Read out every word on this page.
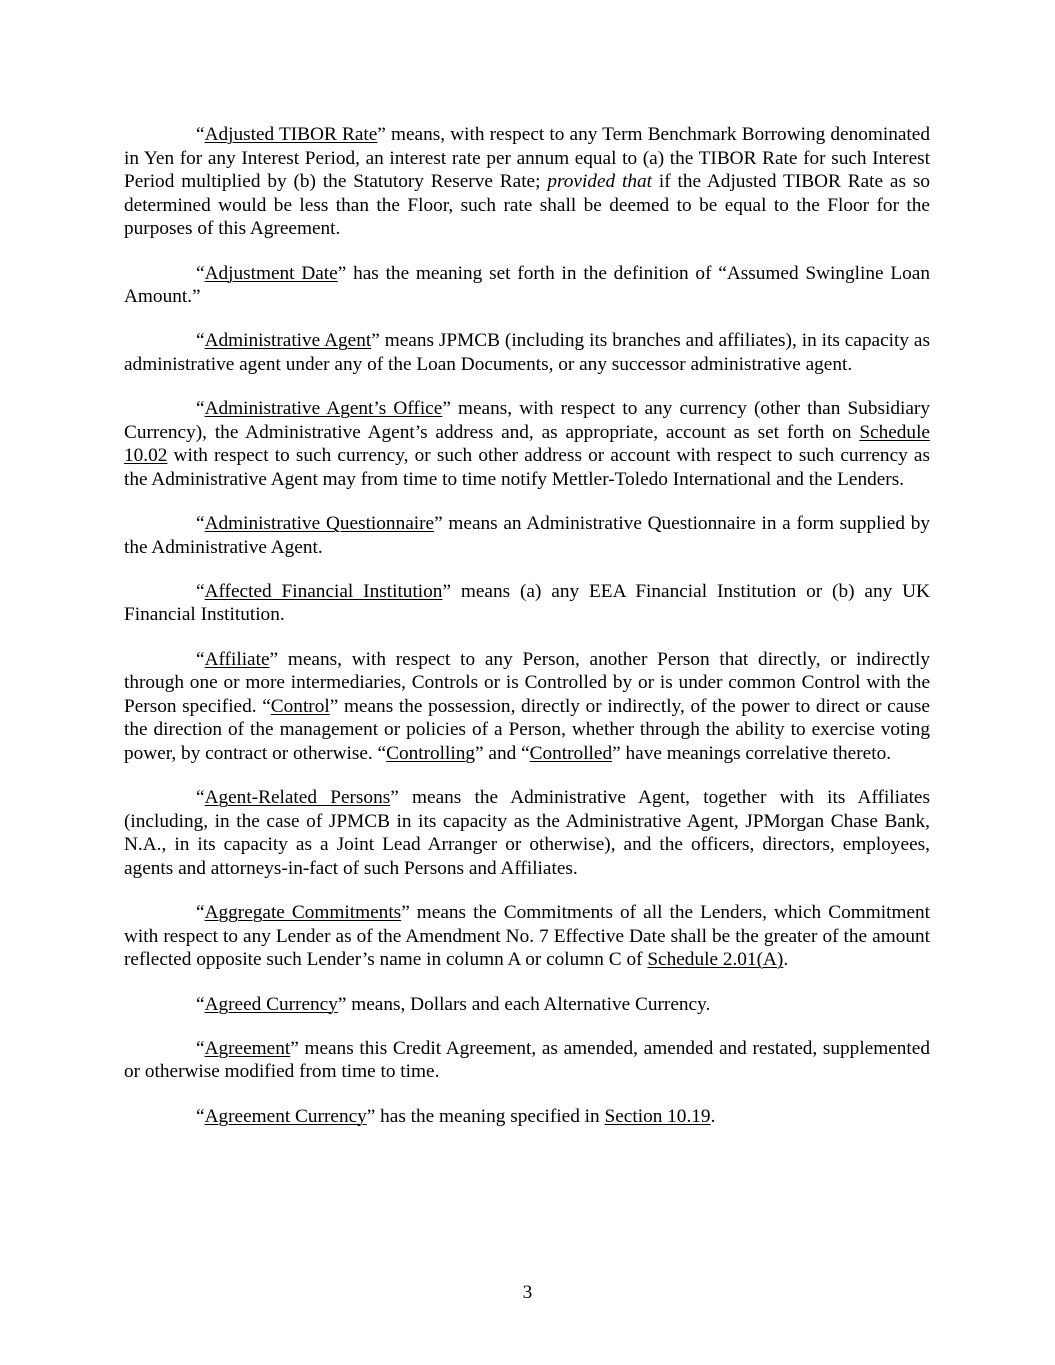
“Adjusted TIBOR Rate” means, with respect to any Term Benchmark Borrowing denominated in Yen for any Interest Period, an interest rate per annum equal to (a) the TIBOR Rate for such Interest Period multiplied by (b) the Statutory Reserve Rate; provided that if the Adjusted TIBOR Rate as so determined would be less than the Floor, such rate shall be deemed to be equal to the Floor for the purposes of this Agreement.

“Adjustment Date” has the meaning set forth in the definition of “Assumed Swingline Loan Amount.”

“Administrative Agent” means JPMCB (including its branches and affiliates), in its capacity as administrative agent under any of the Loan Documents, or any successor administrative agent.

“Administrative Agent’s Office” means, with respect to any currency (other than Subsidiary Currency), the Administrative Agent’s address and, as appropriate, account as set forth on Schedule 10.02 with respect to such currency, or such other address or account with respect to such currency as the Administrative Agent may from time to time notify Mettler-Toledo International and the Lenders.

“Administrative Questionnaire” means an Administrative Questionnaire in a form supplied by the Administrative Agent.

“Affected Financial Institution” means (a) any EEA Financial Institution or (b) any UK Financial Institution.

“Affiliate” means, with respect to any Person, another Person that directly, or indirectly through one or more intermediaries, Controls or is Controlled by or is under common Control with the Person specified. “Control” means the possession, directly or indirectly, of the power to direct or cause the direction of the management or policies of a Person, whether through the ability to exercise voting power, by contract or otherwise. “Controlling” and “Controlled” have meanings correlative thereto.

“Agent-Related Persons” means the Administrative Agent, together with its Affiliates (including, in the case of JPMCB in its capacity as the Administrative Agent, JPMorgan Chase Bank, N.A., in its capacity as a Joint Lead Arranger or otherwise), and the officers, directors, employees, agents and attorneys-in-fact of such Persons and Affiliates.

“Aggregate Commitments” means the Commitments of all the Lenders, which Commitment with respect to any Lender as of the Amendment No. 7 Effective Date shall be the greater of the amount reflected opposite such Lender’s name in column A or column C of Schedule 2.01(A).

“Agreed Currency” means, Dollars and each Alternative Currency.

“Agreement” means this Credit Agreement, as amended, amended and restated, supplemented or otherwise modified from time to time.

“Agreement Currency” has the meaning specified in Section 10.19.

3
